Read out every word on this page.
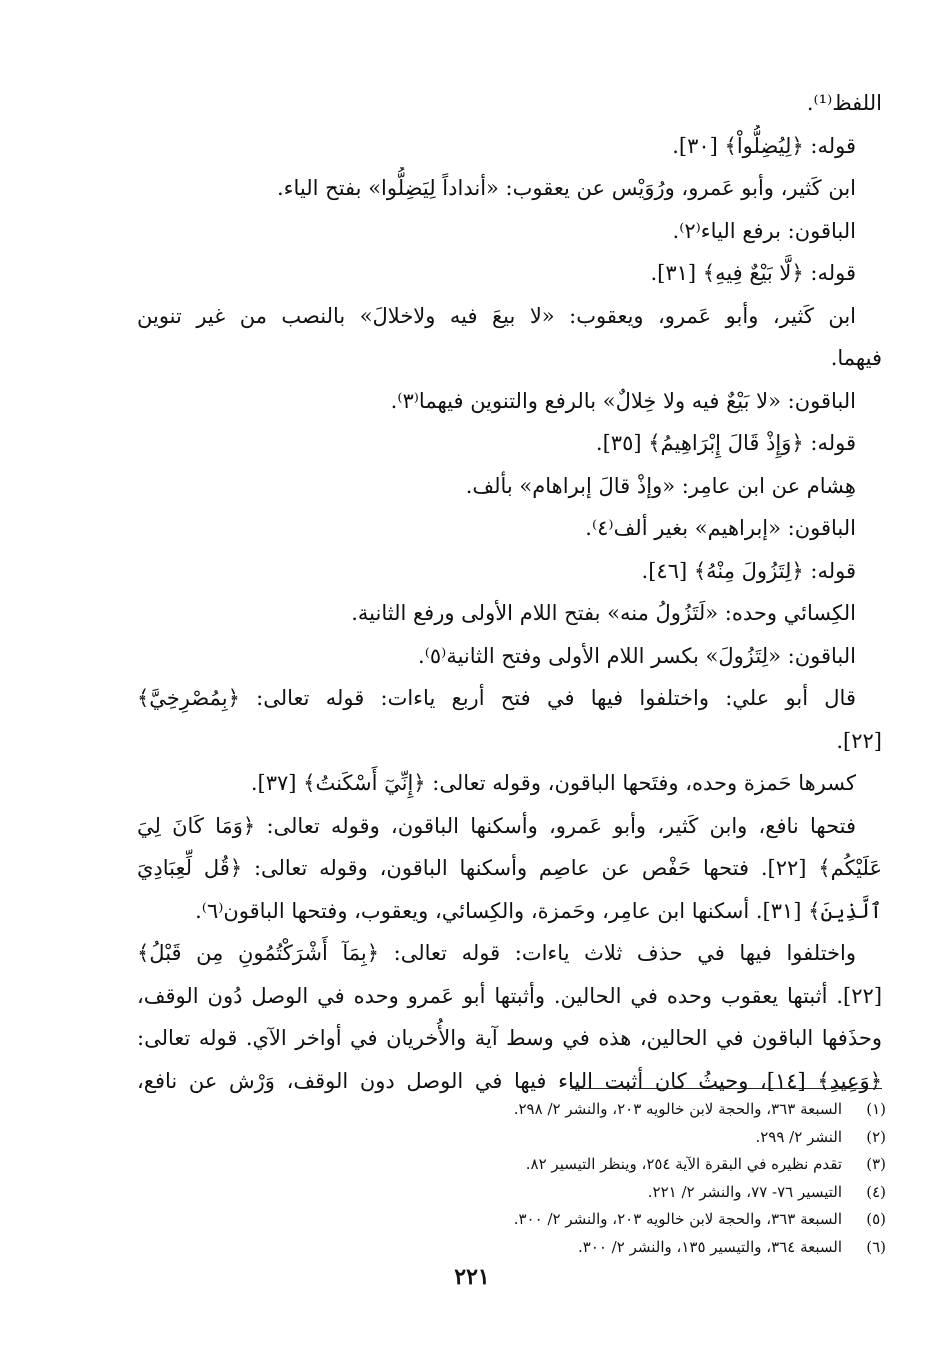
اللفظ⁽¹⁾.
قوله: ﴿لِيُضِلُّواْ﴾ [٣٠].
ابن كَثير، وأبو عَمرو، ورُوَيْس عن يعقوب: «أنداداً لِيَضِلُّوا» بفتح الياء.
الباقون: برفع الياء⁽٢⁾.
قوله: ﴿لَّا بَيْعٌ فِيهِ﴾ [٣١].
ابن كَثير، وأبو عَمرو، ويعقوب: «لا بيعَ فيه ولاخلالَ» بالنصب من غير تنوين
فيهما.
الباقون: «لا بَيْعٌ فيه ولا خِلالٌ» بالرفع والتنوين فيهما⁽٣⁾.
قوله: ﴿وَإِذْ قَالَ إِبْرَاهِيمُ﴾ [٣٥].
هِشام عن ابن عامِر: «وإذْ قالَ إبراهام» بألف.
الباقون: «إبراهيم» بغير ألف⁽٤⁾.
قوله: ﴿لِتَزُولَ مِنْهُ﴾ [٤٦].
الكِسائي وحده: «لَتَزُولُ منه» بفتح اللام الأولى ورفع الثانية.
الباقون: «لِتَزُولَ» بكسر اللام الأولى وفتح الثانية⁽٥⁾.
قال أبو علي: واختلفوا فيها في فتح أربع ياءات: قوله تعالى: ﴿بِمُصْرِخِيَّ﴾
[٢٢].
كسرها حَمزة وحده، وفتَحها الباقون، وقوله تعالى: ﴿إِنِّيٓ أَسْكَنتُ﴾ [٣٧].
فتحها نافع، وابن كَثير، وأبو عَمرو، وأسكنها الباقون، وقوله تعالى: ﴿وَمَا كَانَ لِيَ
عَلَيْكُم﴾ [٢٢]. فتحها حَفْص عن عاصِم وأسكنها الباقون، وقوله تعالى: ﴿قُل لِّعِبَادِيَ
ٱلَّذِينَ﴾ [٣١]. أسكنها ابن عامِر، وحَمزة، والكِسائي، ويعقوب، وفتحها الباقون⁽٦⁾.
واختلفوا فيها في حذف ثلاث ياءات: قوله تعالى: ﴿بِمَآ أَشْرَكْتُمُونِ مِن قَبْلُ﴾
[٢٢]. أثبتها يعقوب وحده في الحالين. وأثبتها أبو عَمرو وحده في الوصل دُون الوقف،
وحذَفها الباقون في الحالين، هذه في وسط آية والأُخريان في أواخر الآي. قوله تعالى:
﴿وَعِيدِ﴾ [١٤]، وحيثُ كان أثبت الياء فيها في الوصل دون الوقف، وَرْش عن نافع،
(١)
السبعة ٣٦٣، والحجة لابن خالويه ٢٠٣، والنشر ٢/ ٢٩٨.
(٢)
النشر ٢/ ٢٩٩.
(٣)
تقدم نظيره في البقرة الآية ٢٥٤، وينظر التيسير ٨٢.
(٤)
التيسير ٧٦- ٧٧، والنشر ٢/ ٢٢١.
(٥)
السبعة ٣٦٣، والحجة لابن خالويه ٢٠٣، والنشر ٢/ ٣٠٠.
(٦)
السبعة ٣٦٤، والتيسير ١٣٥، والنشر ٢/ ٣٠٠.
٢٢١
